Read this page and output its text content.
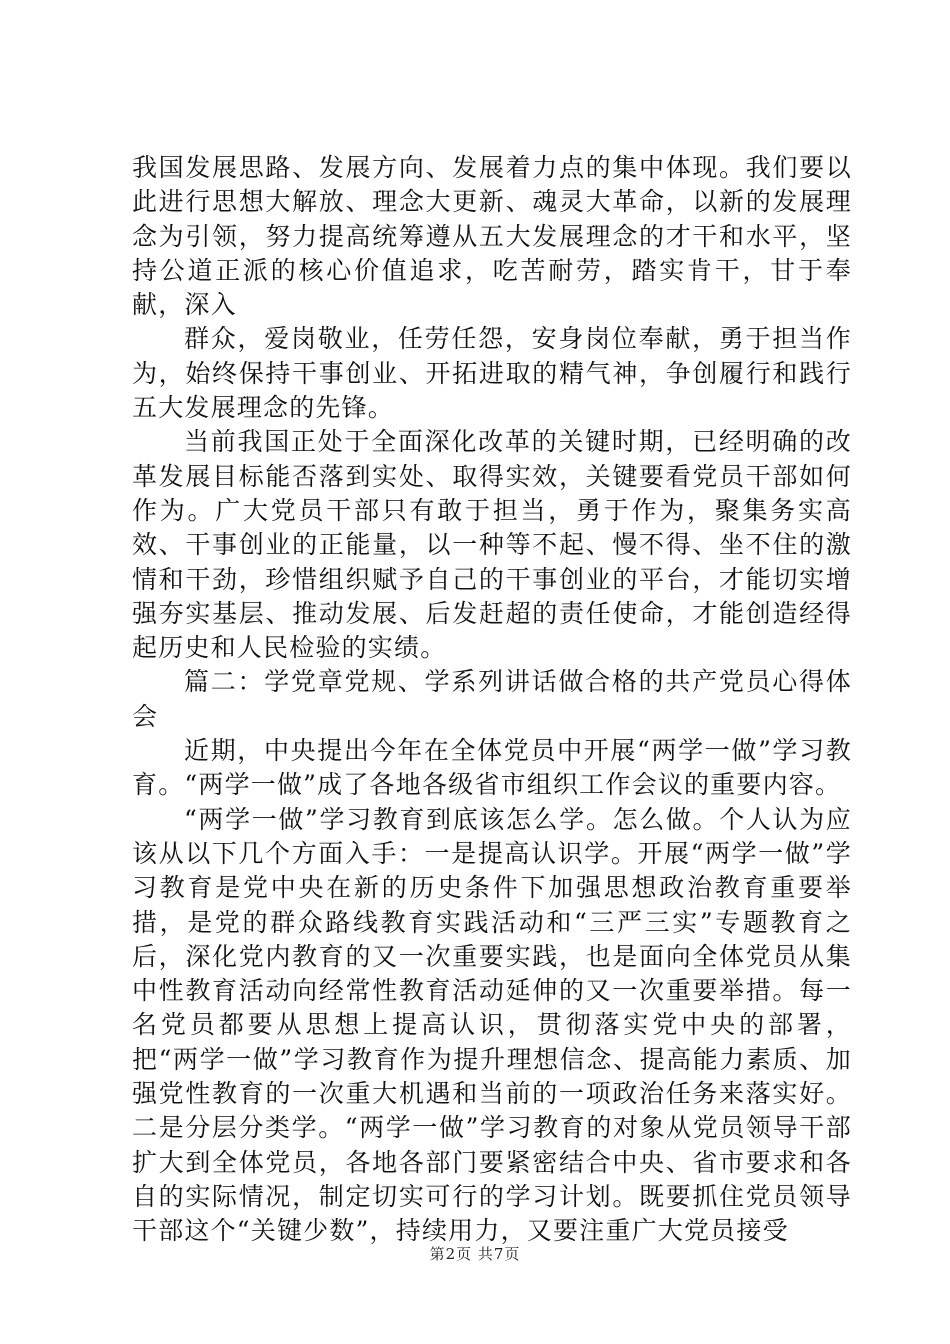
我国发展思路、发展方向、发展着力点的集中体现。我们要以此进行思想大解放、理念大更新、魂灵大革命，以新的发展理念为引领，努力提高统筹遵从五大发展理念的才干和水平，坚持公道正派的核心价值追求，吃苦耐劳，踏实肯干，甘于奉献，深入

群众，爱岗敬业，任劳任怨，安身岗位奉献，勇于担当作为，始终保持干事创业、开拓进取的精气神，争创履行和践行五大发展理念的先锋。

当前我国正处于全面深化改革的关键时期，已经明确的改革发展目标能否落到实处、取得实效，关键要看党员干部如何作为。广大党员干部只有敢于担当，勇于作为，聚集务实高效、干事创业的正能量，以一种等不起、慢不得、坐不住的激情和干劲，珍惜组织赋予自己的干事创业的平台，才能切实增强夯实基层、推动发展、后发赶超的责任使命，才能创造经得起历史和人民检验的实绩。

篇二：学党章党规、学系列讲话做合格的共产党员心得体会

近期，中央提出今年在全体党员中开展“两学一做”学习教育。“两学一做”成了各地各级省市组织工作会议的重要内容。

“两学一做”学习教育到底该怎么学。怎么做。个人认为应该从以下几个方面入手：一是提高认识学。开展“两学一做”学习教育是党中央在新的历史条件下加强思想政治教育重要举措，是党的群众路线教育实践活动和“三严三实”专题教育之后，深化党内教育的又一次重要实践，也是面向全体党员从集中性教育活动向经常性教育活动延伸的又一次重要举措。每一名党员都要从思想上提高认识，贯彻落实党中央的部署，把“两学一做”学习教育作为提升理想信念、提高能力素质、加强党性教育的一次重大机遇和当前的一项政治任务来落实好。二是分层分类学。“两学一做”学习教育的对象从党员领导干部扩大到全体党员，各地各部门要紧密结合中央、省市要求和各自的实际情况，制定切实可行的学习计划。既要抓住党员领导干部这个“关键少数”，持续用力，又要注重广大党员接受

第2页 共7页
